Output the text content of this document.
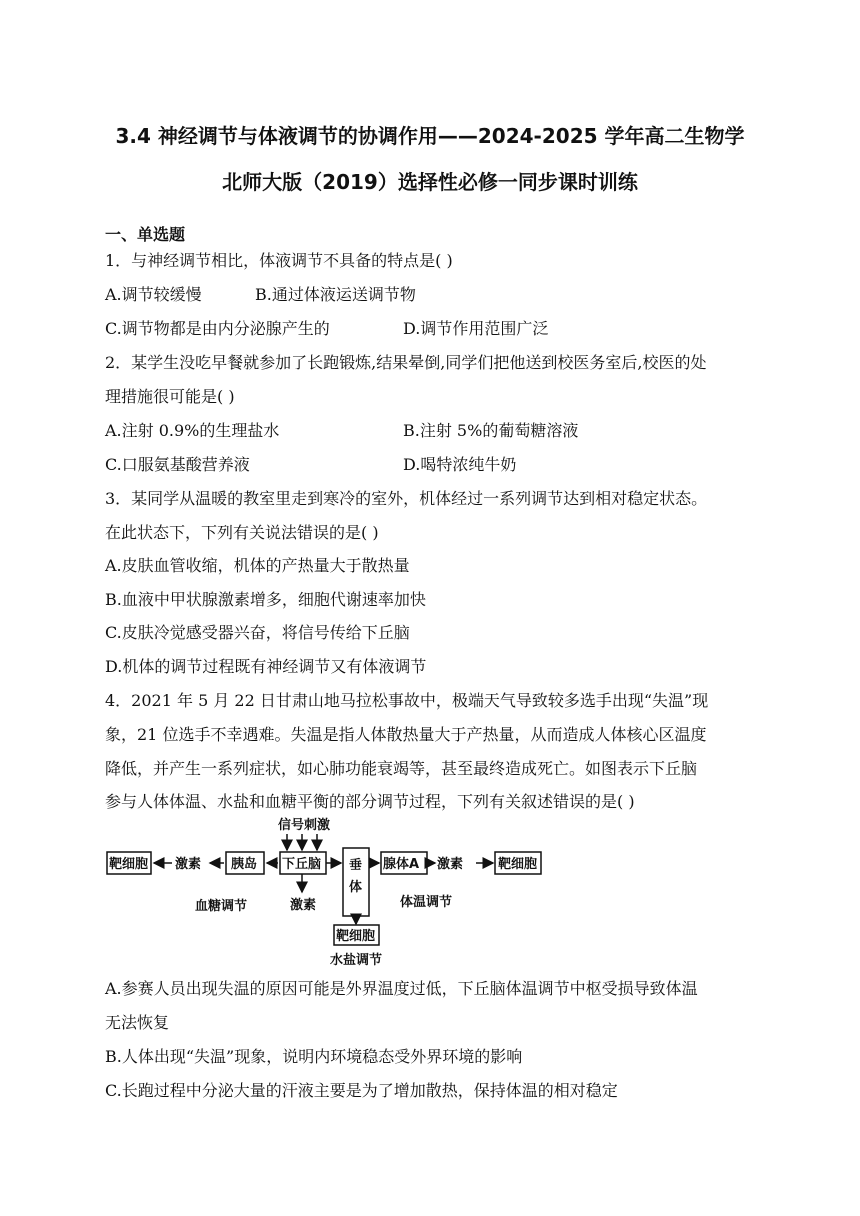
3.4 神经调节与体液调节的协调作用——2024-2025 学年高二生物学
北师大版（2019）选择性必修一同步课时训练
一、单选题
1．与神经调节相比，体液调节不具备的特点是( )
A.调节较缓慢	B.通过体液运送调节物
C.调节物都是由内分泌腺产生的	D.调节作用范围广泛
2．某学生没吃早餐就参加了长跑锻炼,结果晕倒,同学们把他送到校医务室后,校医的处
理措施很可能是( )
A.注射 0.9%的生理盐水	B.注射 5%的葡萄糖溶液
C.口服氨基酸营养液	D.喝特浓纯牛奶
3．某同学从温暖的教室里走到寒冷的室外，机体经过一系列调节达到相对稳定状态。
在此状态下，下列有关说法错误的是( )
A.皮肤血管收缩，机体的产热量大于散热量
B.血液中甲状腺激素增多，细胞代谢速率加快
C.皮肤冷觉感受器兴奋，将信号传给下丘脑
D.机体的调节过程既有神经调节又有体液调节
4．2021 年 5 月 22 日甘肃山地马拉松事故中，极端天气导致较多选手出现“失温”现
象，21 位选手不幸遇难。失温是指人体散热量大于产热量，从而造成人体核心区温度
降低，并产生一系列症状，如心肺功能衰竭等，甚至最终造成死亡。如图表示下丘脑
参与人体体温、水盐和血糖平衡的部分调节过程，下列有关叙述错误的是( )
信号刺激
靶细胞 激素 胰岛 下丘脑
激素
垂
体
腺体A 激素	靶细胞
靶细胞
血糖调节	体温调节
水盐调节
A.参赛人员出现失温的原因可能是外界温度过低，下丘脑体温调节中枢受损导致体温
无法恢复
B.人体出现“失温”现象，说明内环境稳态受外界环境的影响
C.长跑过程中分泌大量的汗液主要是为了增加散热，保持体温的相对稳定
